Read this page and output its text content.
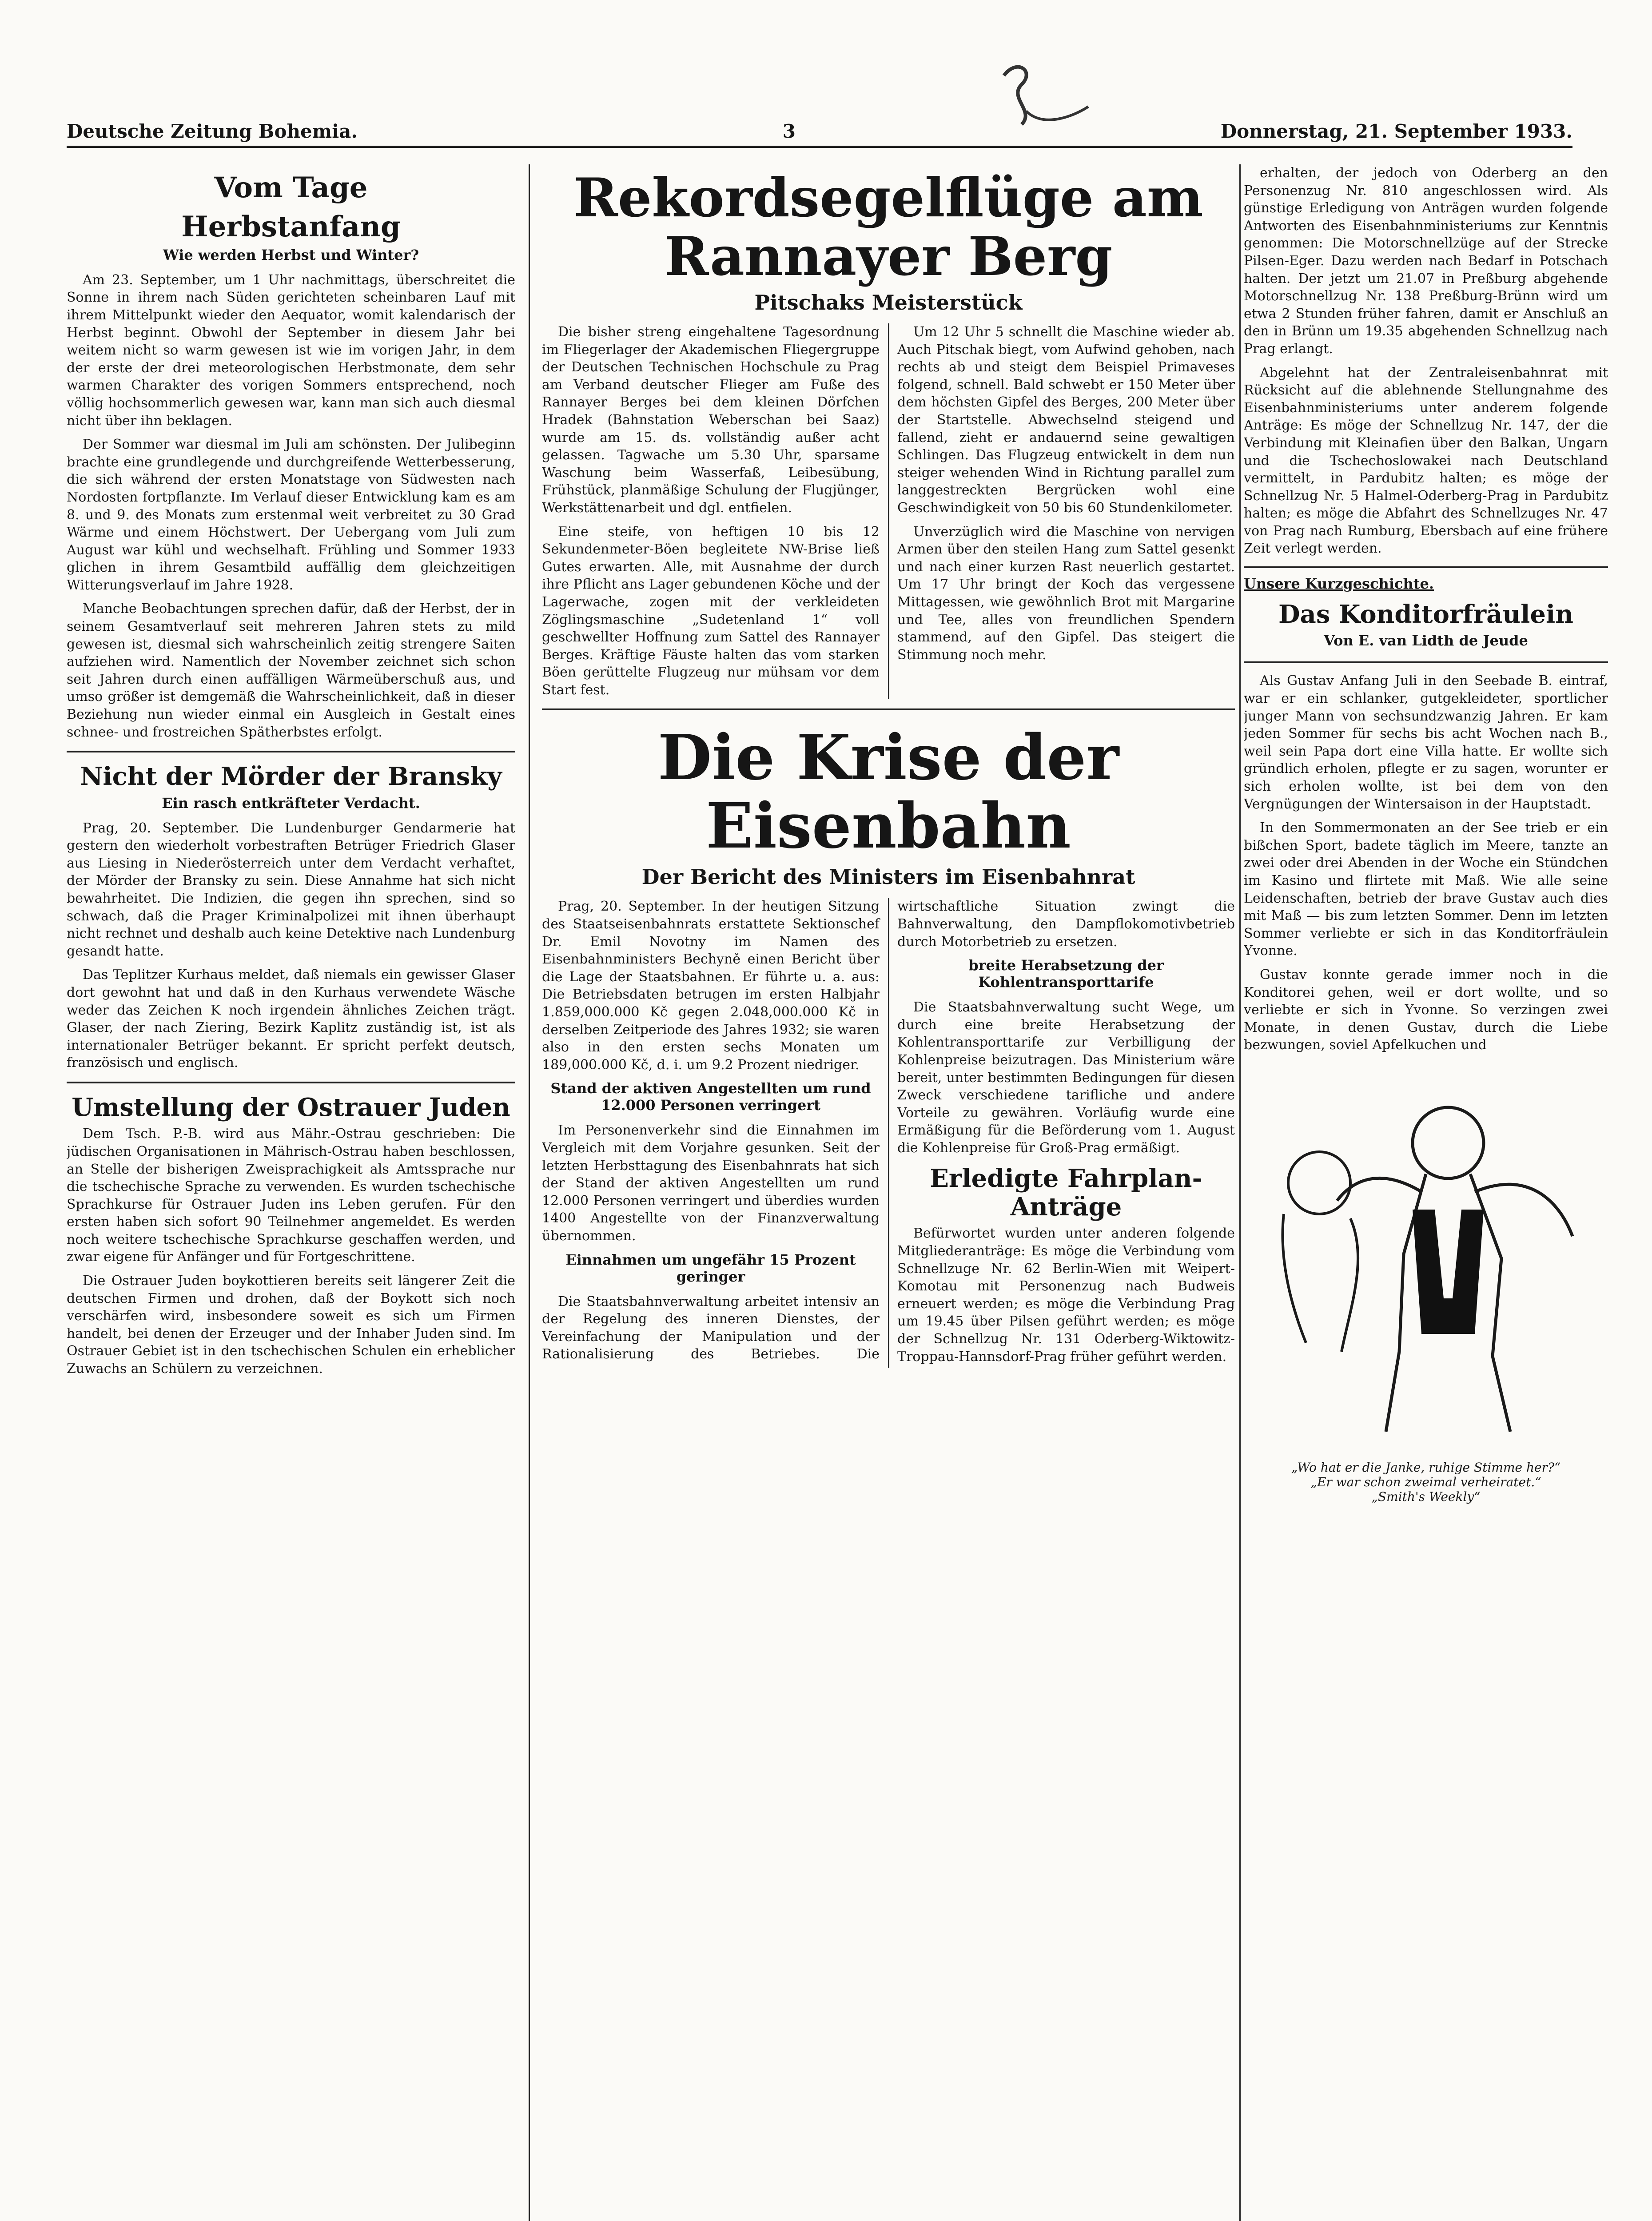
Deutsche Zeitung Bohemia.	3	Donnerstag, 21. September 1933.
Vom Tage
Herbstanfang
Wie werden Herbst und Winter?

Am 23. September, um 1 Uhr nachmittags, überschreitet die Sonne in ihrem nach Süden gerichteten scheinbaren Lauf mit ihrem Mittelpunkt wieder den Aequator, womit kalendarisch der Herbst beginnt. Obwohl der September in diesem Jahr bei weitem nicht so warm gewesen ist wie im vorigen Jahr, in dem der erste der drei meteorologischen Herbstmonate, dem sehr warmen Charakter des vorigen Sommers entsprechend, noch völlig hochsommerlich gewesen war, kann man sich auch diesmal nicht über ihn beklagen.

Der Sommer war diesmal im Juli am schönsten. Der Julibeginn brachte eine grundlegende und durchgreifende Wetterbesserung, die sich während der ersten Monatstage von Südwesten nach Nordosten fortpflanzte. Im Verlauf dieser Entwicklung kam es am 8. und 9. des Monats zum erstenmal weit verbreitet zu 30 Grad Wärme und einem Höchstwert. Der Uebergang vom Juli zum August war kühl und wechselhaft. Frühling und Sommer 1933 glichen in ihrem Gesamtbild auffällig dem gleichzeitigen Witterungsverlauf im Jahre 1928.

Manche Beobachtungen sprechen dafür, daß der Herbst, der in seinem Gesamtverlauf seit mehreren Jahren stets zu mild gewesen ist, diesmal sich wahrscheinlich zeitig strengere Saiten aufziehen wird. Namentlich der November zeichnet sich schon seit Jahren durch einen auffälligen Wärmeüberschuß aus, und umso größer ist demgemäß die Wahrscheinlichkeit, daß in dieser Beziehung nun wieder einmal ein Ausgleich in Gestalt eines schnee- und frostreichen Spätherbstes erfolgt.

Nicht der Mörder der Bransky
Ein rasch entkräfteter Verdacht.

Prag, 20. September. Die Lundenburger Gendarmerie hat gestern den wiederholt vorbestraften Betrüger Friedrich Glaser aus Liesing in Niederösterreich unter dem Verdacht verhaftet, der Mörder der Bransky zu sein. Diese Annahme hat sich nicht bewahrheitet. Die Indizien, die gegen ihn sprechen, sind so schwach, daß die Prager Kriminalpolizei mit ihnen überhaupt nicht rechnet und deshalb auch keine Detektive nach Lundenburg gesandt hatte.

Das Teplitzer Kurhaus meldet, daß niemals ein gewisser Glaser dort gewohnt hat und daß in den Kurhaus verwendete Wäsche weder das Zeichen K noch irgendein ähnliches Zeichen trägt. Glaser, der nach Ziering, Bezirk Kaplitz zuständig ist, ist als internationaler Betrüger bekannt. Er spricht perfekt deutsch, französisch und englisch.

Umstellung der Ostrauer Juden

Dem Tsch. P.-B. wird aus Mähr.-Ostrau geschrieben: Die jüdischen Organisationen in Mährisch-Ostrau haben beschlossen, an Stelle der bisherigen Zweisprachigkeit als Amtssprache nur die tschechische Sprache zu verwenden. Es wurden tschechische Sprachkurse für Ostrauer Juden ins Leben gerufen. Für den ersten haben sich sofort 90 Teilnehmer angemeldet. Es werden noch weitere tschechische Sprachkurse geschaffen werden, und zwar eigene für Anfänger und für Fortgeschrittene.

Die Ostrauer Juden boykottieren bereits seit längerer Zeit die deutschen Firmen und drohen, daß der Boykott sich noch verschärfen wird, insbesondere soweit es sich um Firmen handelt, bei denen der Erzeuger und der Inhaber Juden sind. Im Ostrauer Gebiet ist in den tschechischen Schulen ein erheblicher Zuwachs an Schülern zu verzeichnen.

Rekordsegelflüge am Rannayer Berg
Pitschaks Meisterstück

Die bisher streng eingehaltene Tagesordnung im Fliegerlager der Akademischen Fliegergruppe der Deutschen Technischen Hochschule zu Prag am Verband deutscher Flieger am Fuße des Rannayer Berges bei dem kleinen Dörfchen Hradek (Bahnstation Weberschan bei Saaz) wurde am 15. ds. vollständig außer acht gelassen. Tagwache um 5.30 Uhr, sparsame Waschung beim Wasserfaß, Leibesübung, Frühstück, planmäßige Schulung der Flugjünger, Werkstättenarbeit und dgl. entfielen.

Eine steife, von heftigen 10 bis 12 Sekundenmeter-Böen begleitete NW-Brise ließ Gutes erwarten. Alle, mit Ausnahme der durch ihre Pflicht ans Lager gebundenen Köche und der Lagerwache, zogen mit der verkleideten Zöglingsmaschine „Sudetenland 1“ voll geschwellter Hoffnung zum Sattel des Rannayer Berges. Kräftige Fäuste halten das vom starken Böen gerüttelte Flugzeug nur mühsam vor dem Start fest.

Um 12 Uhr 5 schnellt die Maschine wieder ab. Auch Pitschak biegt, vom Aufwind gehoben, nach rechts ab und steigt dem Beispiel Primaveses folgend, schnell. Bald schwebt er 150 Meter über dem höchsten Gipfel des Berges, 200 Meter über der Startstelle. Abwechselnd steigend und fallend, zieht er andauernd seine gewaltigen Schlingen. Das Flugzeug entwickelt in dem nun steiger wehenden Wind in Richtung parallel zum langgestreckten Bergrücken wohl eine Geschwindigkeit von 50 bis 60 Stundenkilometer.

Unverzüglich wird die Maschine von nervigen Armen über den steilen Hang zum Sattel gesenkt und nach einer kurzen Rast neuerlich gestartet. Um 17 Uhr bringt der Koch das vergessene Mittagessen, wie gewöhnlich Brot mit Margarine und Tee, alles von freundlichen Spendern stammend, auf den Gipfel. Das steigert die Stimmung noch mehr.

Die Krise der Eisenbahn
Der Bericht des Ministers im Eisenbahnrat

Prag, 20. September. In der heutigen Sitzung des Staatseisenbahnrats erstattete Sektionschef Dr. Emil Novotny im Namen des Eisenbahnministers Bechyně einen Bericht über die Lage der Staatsbahnen. Er führte u. a. aus: Die Betriebsdaten betrugen im ersten Halbjahr 1.859,000.000 Kč gegen 2.048,000.000 Kč in derselben Zeitperiode des Jahres 1932; sie waren also in den ersten sechs Monaten um 189,000.000 Kč, d. i. um 9.2 Prozent niedriger.

Stand der aktiven Angestellten um rund 12.000 Personen verringert

Im Personenverkehr sind die Einnahmen im Vergleich mit dem Vorjahre gesunken. Seit der letzten Herbsttagung des Eisenbahnrats hat sich der Stand der aktiven Angestellten um rund 12.000 Personen verringert und überdies wurden 1400 Angestellte von der Finanzverwaltung übernommen.

Einnahmen um ungefähr 15 Prozent geringer

Die Staatsbahnverwaltung arbeitet intensiv an der Regelung des inneren Dienstes, der Vereinfachung der Manipulation und der Rationalisierung des Betriebes. Die wirtschaftliche Situation zwingt die Bahnverwaltung, den Dampflokomotivbetrieb durch Motorbetrieb zu ersetzen.

breite Herabsetzung der Kohlentransporttarife

Die Staatsbahnverwaltung sucht Wege, um durch eine breite Herabsetzung der Kohlentransporttarife zur Verbilligung der Kohlenpreise beizutragen. Das Ministerium wäre bereit, unter bestimmten Bedingungen für diesen Zweck verschiedene tarifliche und andere Vorteile zu gewähren. Vorläufig wurde eine Ermäßigung für die Beförderung vom 1. August die Kohlenpreise für Groß-Prag ermäßigt.

Erledigte Fahrplan-Anträge

Befürwortet wurden unter anderen folgende Mitgliederanträge: Es möge die Verbindung vom Schnellzuge Nr. 62 Berlin-Wien mit Weipert-Komotau mit Personenzug nach Budweis erneuert werden; es möge die Verbindung Prag um 19.45 über Pilsen geführt werden; es möge der Schnellzug Nr. 131 Oderberg-Wiktowitz-Troppau-Hannsdorf-Prag früher geführt werden.

erhalten, der jedoch von Oderberg an den Personenzug Nr. 810 angeschlossen wird. Als günstige Erledigung von Anträgen wurden folgende Antworten des Eisenbahnministeriums zur Kenntnis genommen: Die Motorschnellzüge auf der Strecke Pilsen-Eger. Dazu werden nach Bedarf in Potschach halten. Der jetzt um 21.07 in Preßburg abgehende Motorschnellzug Nr. 138 Preßburg-Brünn wird um etwa 2 Stunden früher fahren, damit er Anschluß an den in Brünn um 19.35 abgehenden Schnellzug nach Prag erlangt.

Abgelehnt hat der Zentraleisenbahnrat mit Rücksicht auf die ablehnende Stellungnahme des Eisenbahnministeriums unter anderem folgende Anträge: Es möge der Schnellzug Nr. 147, der die Verbindung mit Kleinafien über den Balkan, Ungarn und die Tschechoslowakei nach Deutschland vermittelt, in Pardubitz halten; es möge der Schnellzug Nr. 5 Halmel-Oderberg-Prag in Pardubitz halten; es möge die Abfahrt des Schnellzuges Nr. 47 von Prag nach Rumburg, Ebersbach auf eine frühere Zeit verlegt werden.

Unsere Kurzgeschichte.
Das Konditorfräulein
Von E. van Lidth de Jeude

Als Gustav Anfang Juli in den Seebade B. eintraf, war er ein schlanker, gutgekleideter, sportlicher junger Mann von sechsundzwanzig Jahren. Er kam jeden Sommer für sechs bis acht Wochen nach B., weil sein Papa dort eine Villa hatte. Er wollte sich gründlich erholen, pflegte er zu sagen, worunter er sich erholen wollte, ist bei dem von den Vergnügungen der Wintersaison in der Hauptstadt.

In den Sommermonaten an der See trieb er ein bißchen Sport, badete täglich im Meere, tanzte an zwei oder drei Abenden in der Woche ein Stündchen im Kasino und flirtete mit Maß. Wie alle seine Leidenschaften, betrieb der brave Gustav auch dies mit Maß — bis zum letzten Sommer. Denn im letzten Sommer verliebte er sich in das Konditorfräulein Yvonne.

Gustav konnte gerade immer noch in die Konditorei gehen, weil er dort wollte, und so verliebte er sich in Yvonne. So verzingen zwei Monate, in denen Gustav, durch die Liebe bezwungen, soviel Apfelkuchen und

„Wo hat er die Janke, ruhige Stimme her?“
„Er war schon zweimal verheiratet.“
„Smith's Weekly“
